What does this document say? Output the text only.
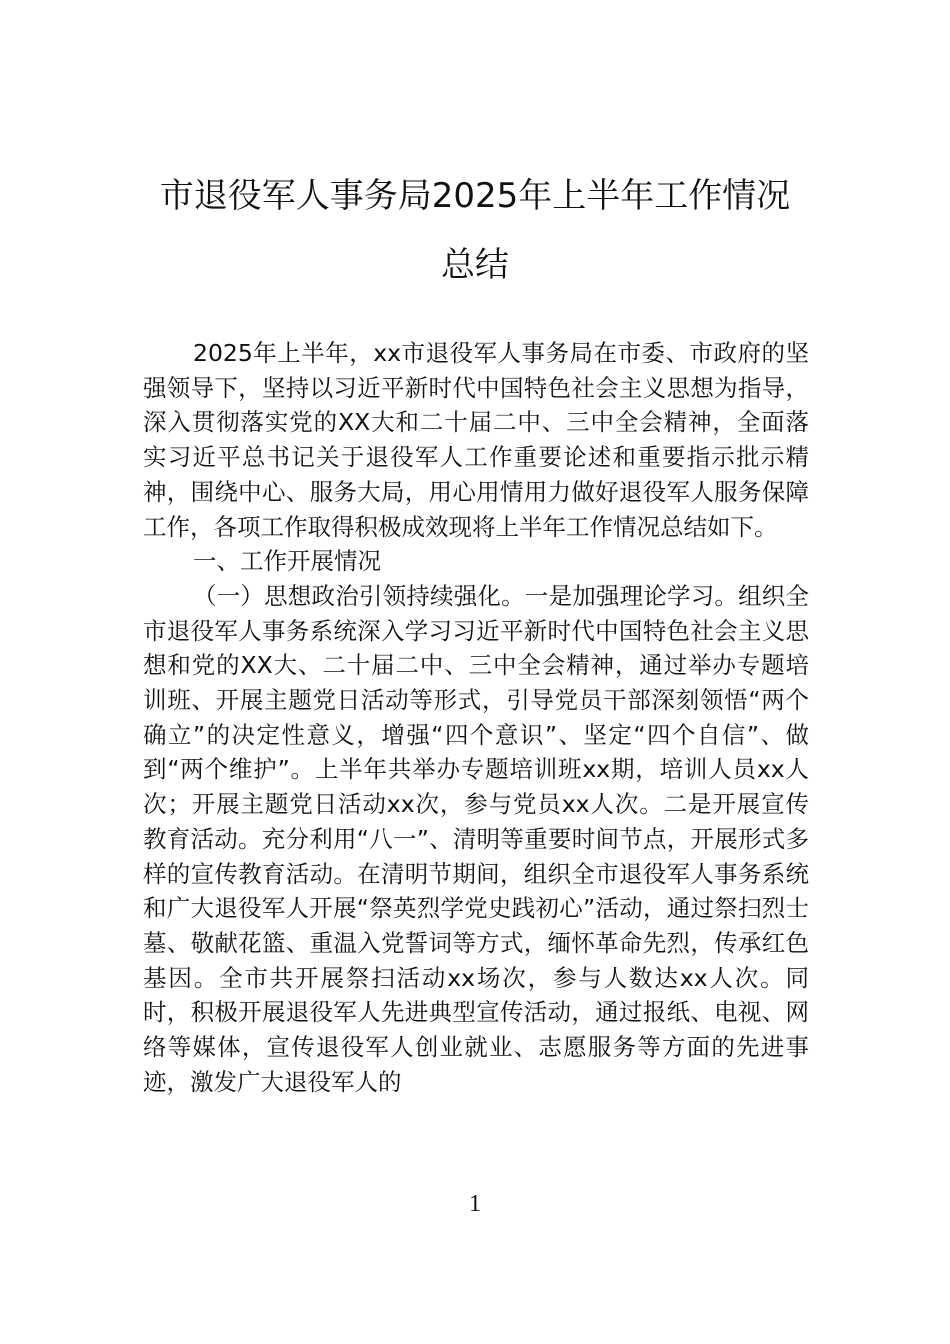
市退役军人事务局2025年上半年工作情况
总结

2025年上半年，xx市退役军人事务局在市委、市政府的坚强领导下，坚持以习近平新时代中国特色社会主义思想为指导，深入贯彻落实党的XX大和二十届二中、三中全会精神，全面落实习近平总书记关于退役军人工作重要论述和重要指示批示精神，围绕中心、服务大局，用心用情用力做好退役军人服务保障工作，各项工作取得积极成效现将上半年工作情况总结如下。

一、工作开展情况

（一）思想政治引领持续强化。一是加强理论学习。组织全市退役军人事务系统深入学习习近平新时代中国特色社会主义思想和党的XX大、二十届二中、三中全会精神，通过举办专题培训班、开展主题党日活动等形式，引导党员干部深刻领悟“两个确立”的决定性意义，增强“四个意识”、坚定“四个自信”、做到“两个维护”。上半年共举办专题培训班xx期，培训人员xx人次；开展主题党日活动xx次，参与党员xx人次。二是开展宣传教育活动。充分利用“八一”、清明等重要时间节点，开展形式多样的宣传教育活动。在清明节期间，组织全市退役军人事务系统和广大退役军人开展“祭英烈学党史践初心”活动，通过祭扫烈士墓、敬献花篮、重温入党誓词等方式，缅怀革命先烈，传承红色基因。全市共开展祭扫活动xx场次，参与人数达xx人次。同时，积极开展退役军人先进典型宣传活动，通过报纸、电视、网络等媒体，宣传退役军人创业就业、志愿服务等方面的先进事迹，激发广大退役军人的

1
